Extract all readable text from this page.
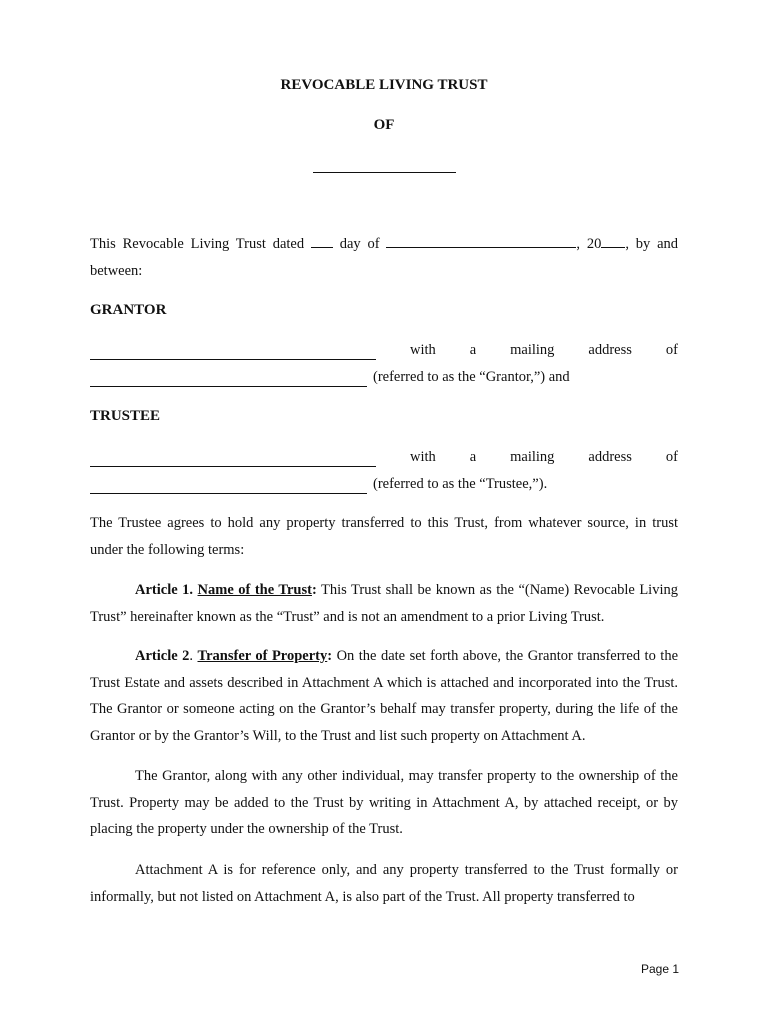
REVOCABLE LIVING TRUST
OF
This Revocable Living Trust dated day of	, 20 , by and between:
GRANTOR
with a mailing address of
(referred to as the “Grantor,”) and
TRUSTEE
with a mailing address of
(referred to as the “Trustee,”).
The Trustee agrees to hold any property transferred to this Trust, from whatever source, in trust under the following terms:
Article 1. Name of the Trust: This Trust shall be known as the “(Name) Revocable Living Trust” hereinafter known as the “Trust” and is not an amendment to a prior Living Trust.
Article 2. Transfer of Property: On the date set forth above, the Grantor transferred to the Trust Estate and assets described in Attachment A which is attached and incorporated into the Trust. The Grantor or someone acting on the Grantor’s behalf may transfer property, during the life of the Grantor or by the Grantor’s Will, to the Trust and list such property on Attachment A.
The Grantor, along with any other individual, may transfer property to the ownership of the Trust. Property may be added to the Trust by writing in Attachment A, by attached receipt, or by placing the property under the ownership of the Trust.
Attachment A is for reference only, and any property transferred to the Trust formally or informally, but not listed on Attachment A, is also part of the Trust. All property transferred to
Page 1
